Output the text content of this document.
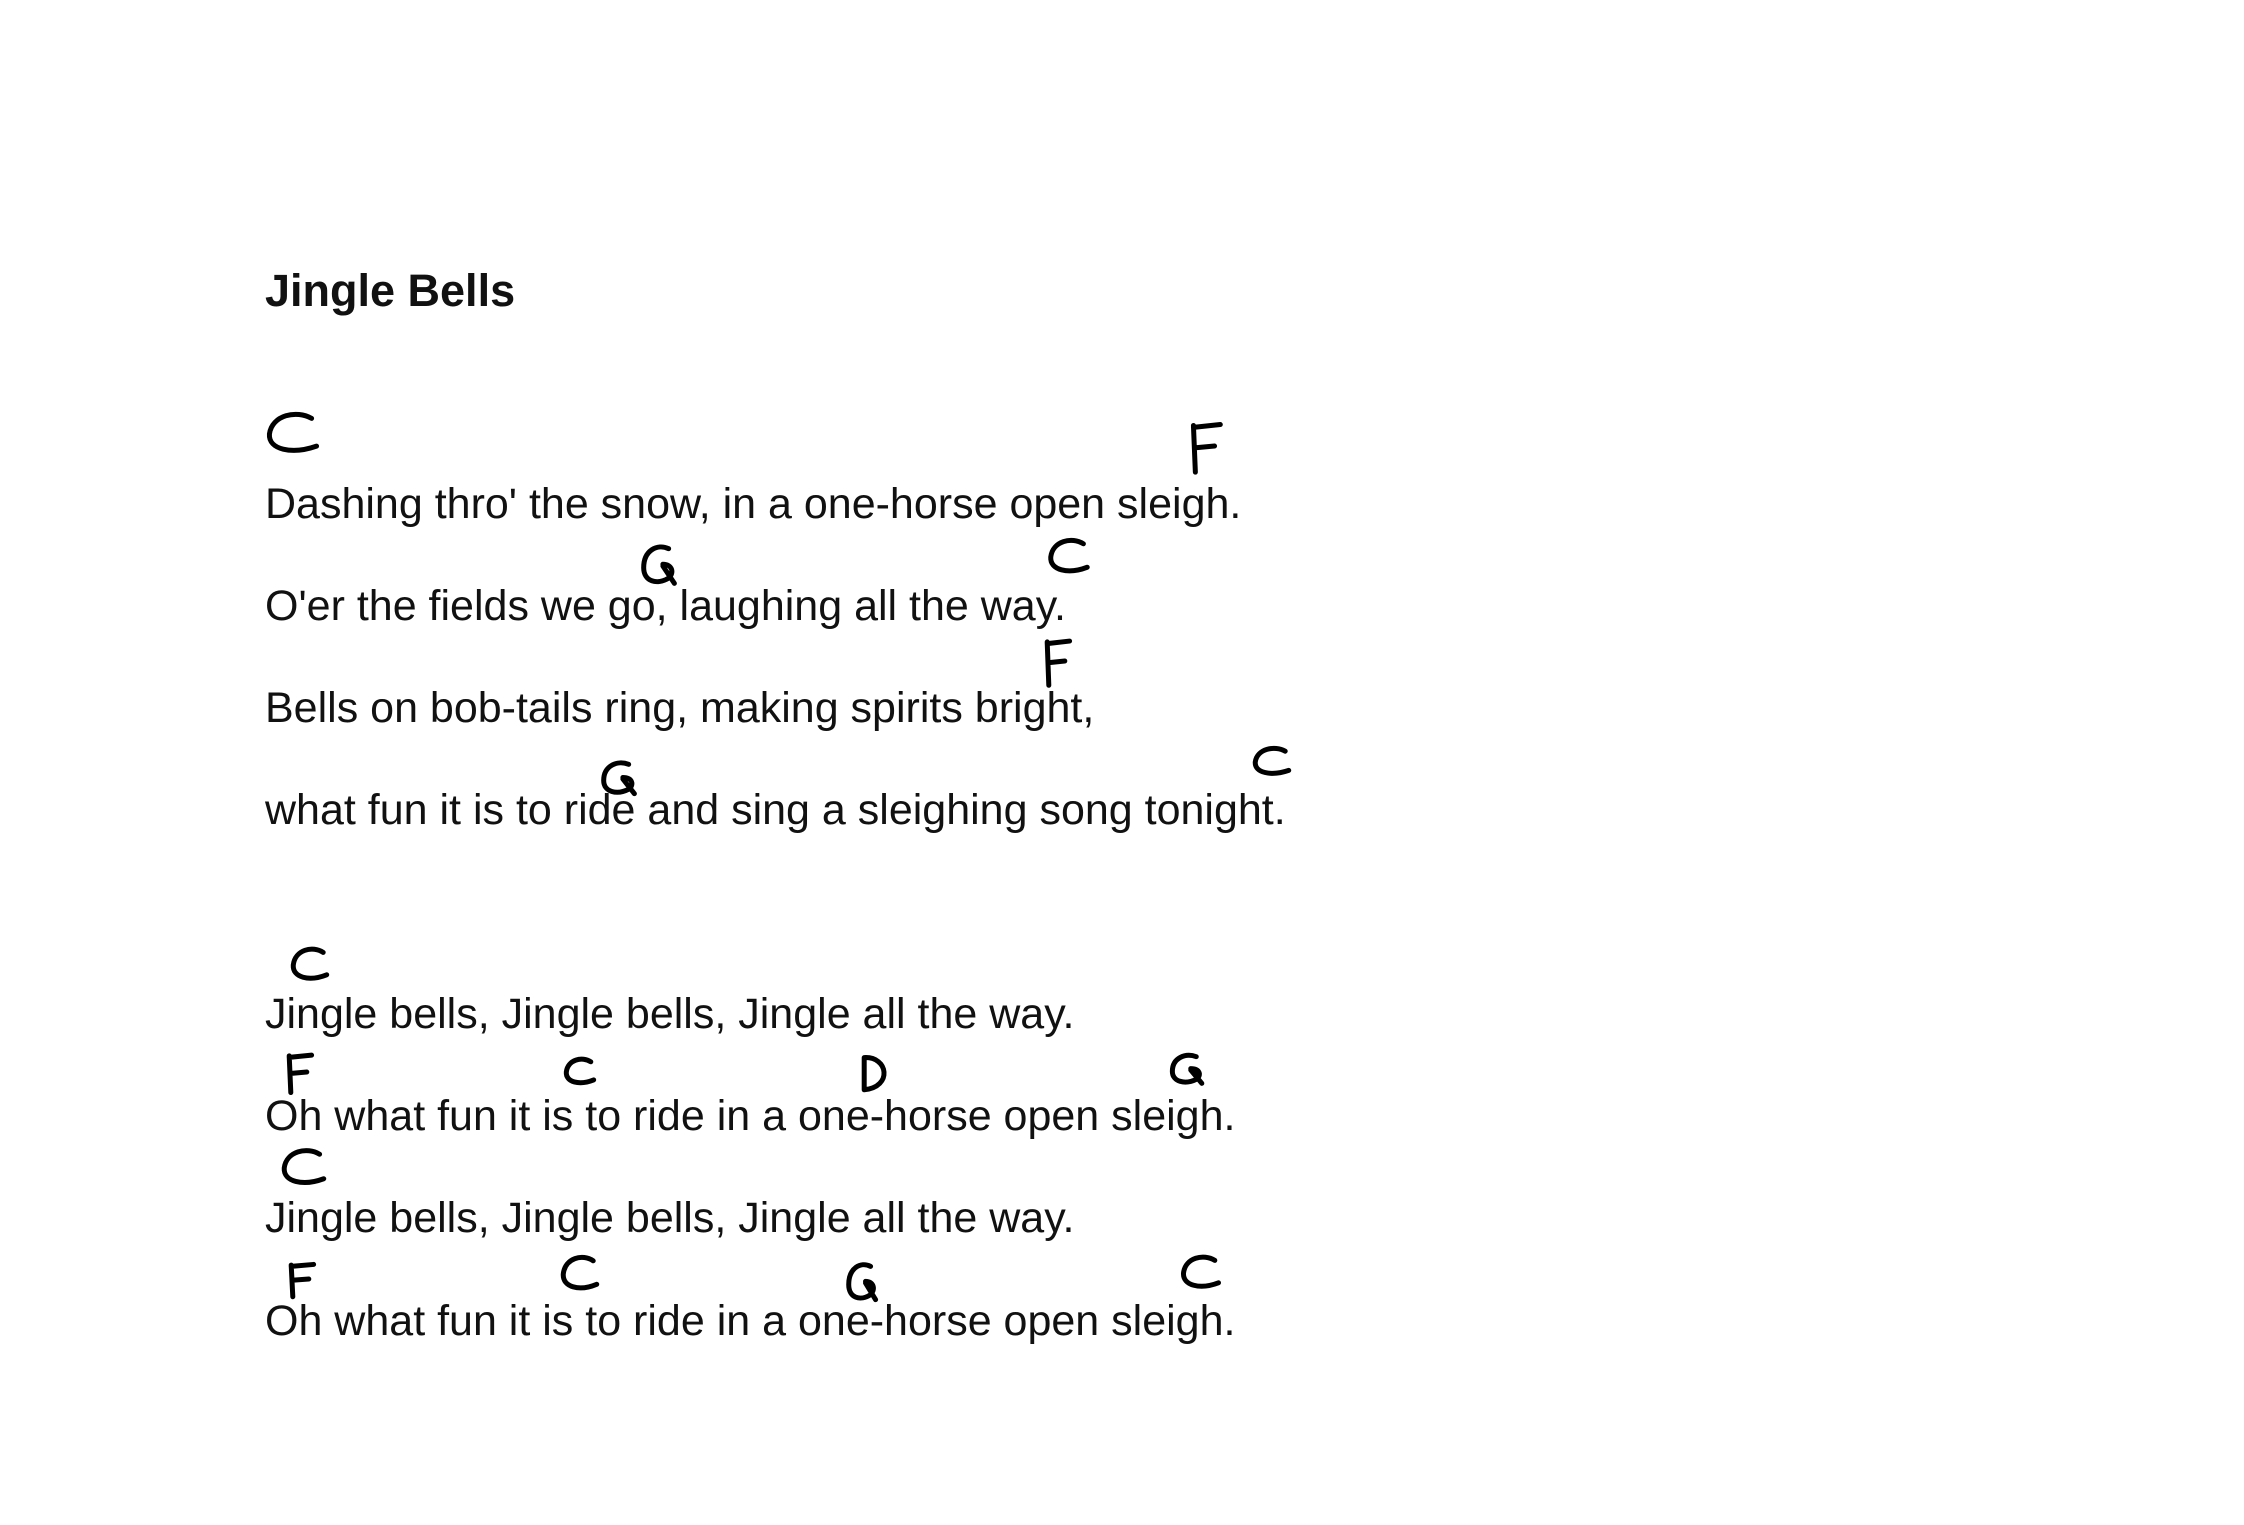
Jingle Bells
Dashing thro' the snow, in a one-horse open sleigh.
O'er the fields we go, laughing all the way.
Bells on bob-tails ring, making spirits bright,
what fun it is to ride and sing a sleighing song tonight.
Jingle bells, Jingle bells, Jingle all the way.
Oh what fun it is to ride in a one-horse open sleigh.
Jingle bells, Jingle bells, Jingle all the way.
Oh what fun it is to ride in a one-horse open sleigh.
